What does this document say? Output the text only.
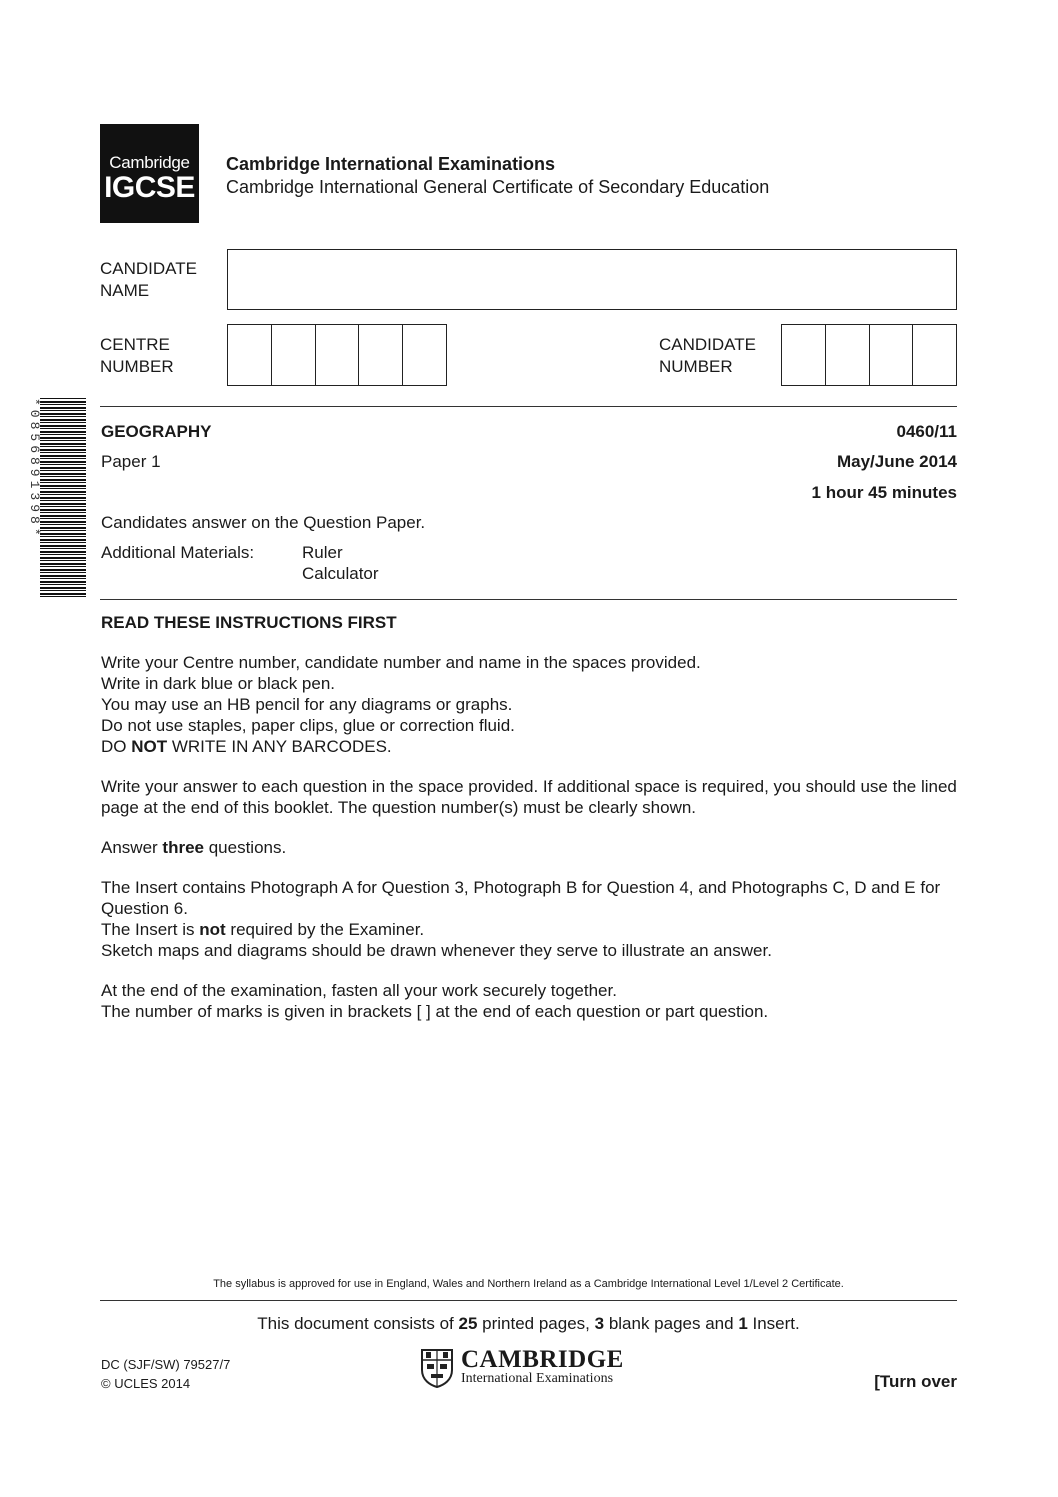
Cambridge
IGCSE
Cambridge International Examinations
Cambridge International General Certificate of Secondary Education
CANDIDATE
NAME
CENTRE
NUMBER
CANDIDATE
NUMBER
*0856891398*	GEOGRAPHY	0460/11
Paper 1	May/June 2014
1 hour 45 minutes
Candidates answer on the Question Paper.
Additional Materials:	Ruler
Calculator
READ THESE INSTRUCTIONS FIRST

Write your Centre number, candidate number and name in the spaces provided.

Write in dark blue or black pen.

You may use an HB pencil for any diagrams or graphs.

Do not use staples, paper clips, glue or correction fluid.

DO NOT WRITE IN ANY BARCODES.

Write your answer to each question in the space provided. If additional space is required, you should use the lined page at the end of this booklet. The question number(s) must be clearly shown.

Answer three questions.

The Insert contains Photograph A for Question 3, Photograph B for Question 4, and Photographs C, D and E for Question 6.

The Insert is not required by the Examiner.

Sketch maps and diagrams should be drawn whenever they serve to illustrate an answer.

At the end of the examination, fasten all your work securely together.

The number of marks is given in brackets [ ] at the end of each question or part question.

The syllabus is approved for use in England, Wales and Northern Ireland as a Cambridge International Level 1/Level 2 Certificate.
This document consists of 25 printed pages, 3 blank pages and 1 Insert.
DC (SJF/SW) 79527/7
© UCLES 2014
CAMBRIDGE
International Examinations	[Turn over
